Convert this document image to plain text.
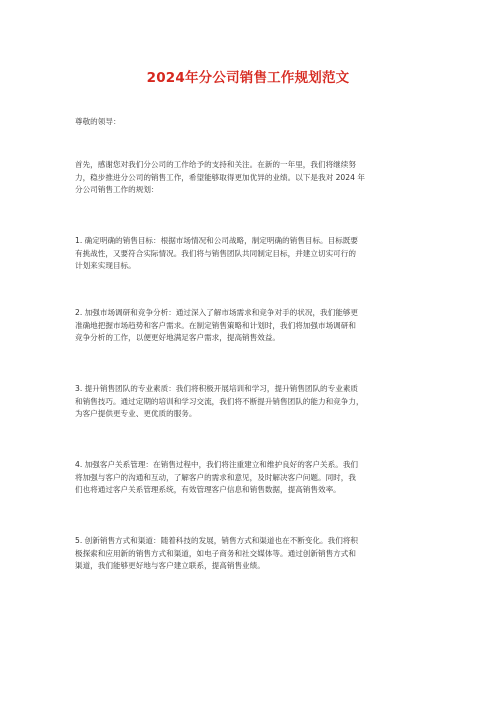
2024年分公司销售工作规划范文

尊敬的领导：

首先，感谢您对我们分公司的工作给予的支持和关注。在新的一年里，我们将继续努
力，稳步推进分公司的销售工作，希望能够取得更加优异的业绩。以下是我对 2024 年
分公司销售工作的规划：

1. 确定明确的销售目标：根据市场情况和公司战略，制定明确的销售目标。目标既要
有挑战性，又要符合实际情况。我们将与销售团队共同制定目标，并建立切实可行的
计划来实现目标。

2. 加强市场调研和竞争分析：通过深入了解市场需求和竞争对手的状况，我们能够更
准确地把握市场趋势和客户需求。在制定销售策略和计划时，我们将加强市场调研和
竞争分析的工作，以便更好地满足客户需求，提高销售效益。

3. 提升销售团队的专业素质：我们将积极开展培训和学习，提升销售团队的专业素质
和销售技巧。通过定期的培训和学习交流，我们将不断提升销售团队的能力和竞争力，
为客户提供更专业、更优质的服务。

4. 加强客户关系管理：在销售过程中，我们将注重建立和维护良好的客户关系。我们
将加强与客户的沟通和互动，了解客户的需求和意见，及时解决客户问题。同时，我
们也将通过客户关系管理系统，有效管理客户信息和销售数据，提高销售效率。

5. 创新销售方式和渠道：随着科技的发展，销售方式和渠道也在不断变化。我们将积
极探索和应用新的销售方式和渠道，如电子商务和社交媒体等。通过创新销售方式和
渠道，我们能够更好地与客户建立联系，提高销售业绩。
